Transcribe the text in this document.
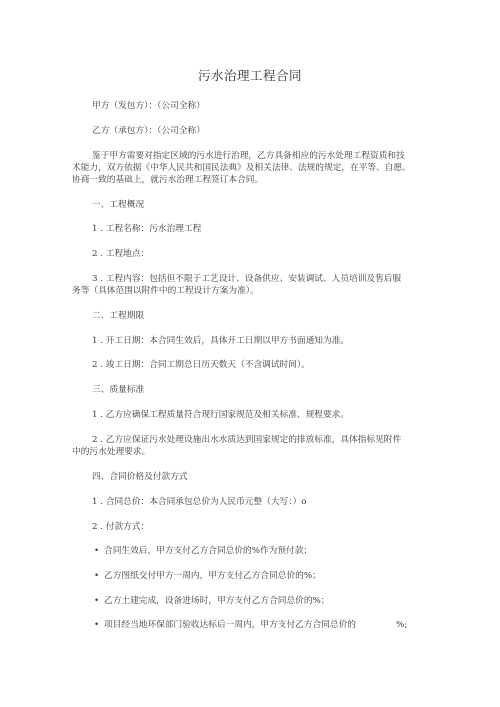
污水治理工程合同
甲方（发包方）：（公司全称）
乙方（承包方）：（公司全称）
鉴于甲方需要对指定区域的污水进行治理，乙方具备相应的污水处理工程资质和技
术能力，双方依据《中华人民共和国民法典》及相关法律、法规的规定，在平等、自愿、
协商一致的基础上，就污水治理工程签订本合同。
一、工程概况
1 . 工程名称：污水治理工程
2 . 工程地点：
3 . 工程内容：包括但不限于工艺设计、设备供应、安装调试、人员培训及售后服
务等（具体范围以附件中的工程设计方案为准）。
二、工程期限
1 . 开工日期：本合同生效后，具体开工日期以甲方书面通知为准。
2 . 竣工日期：合同工期总日历天数天（不含调试时间）。
三、质量标准
1 . 乙方应确保工程质量符合现行国家规范及相关标准、规程要求。
2 . 乙方应保证污水处理设施出水水质达到国家规定的排放标准，具体指标见附件
中的污水处理要求。
四、合同价格及付款方式
1 . 合同总价：本合同承包总价为人民币元整（大写：）o
2 . 付款方式：
• 合同生效后，甲方支付乙方合同总价的%作为预付款；
• 乙方图纸交付甲方一周内，甲方支付乙方合同总价的%；
• 乙方土建完成，设备进场时，甲方支付乙方合同总价的%；
• 项目经当地环保部门验收达标后一周内，甲方支付乙方合同总价的	%;
